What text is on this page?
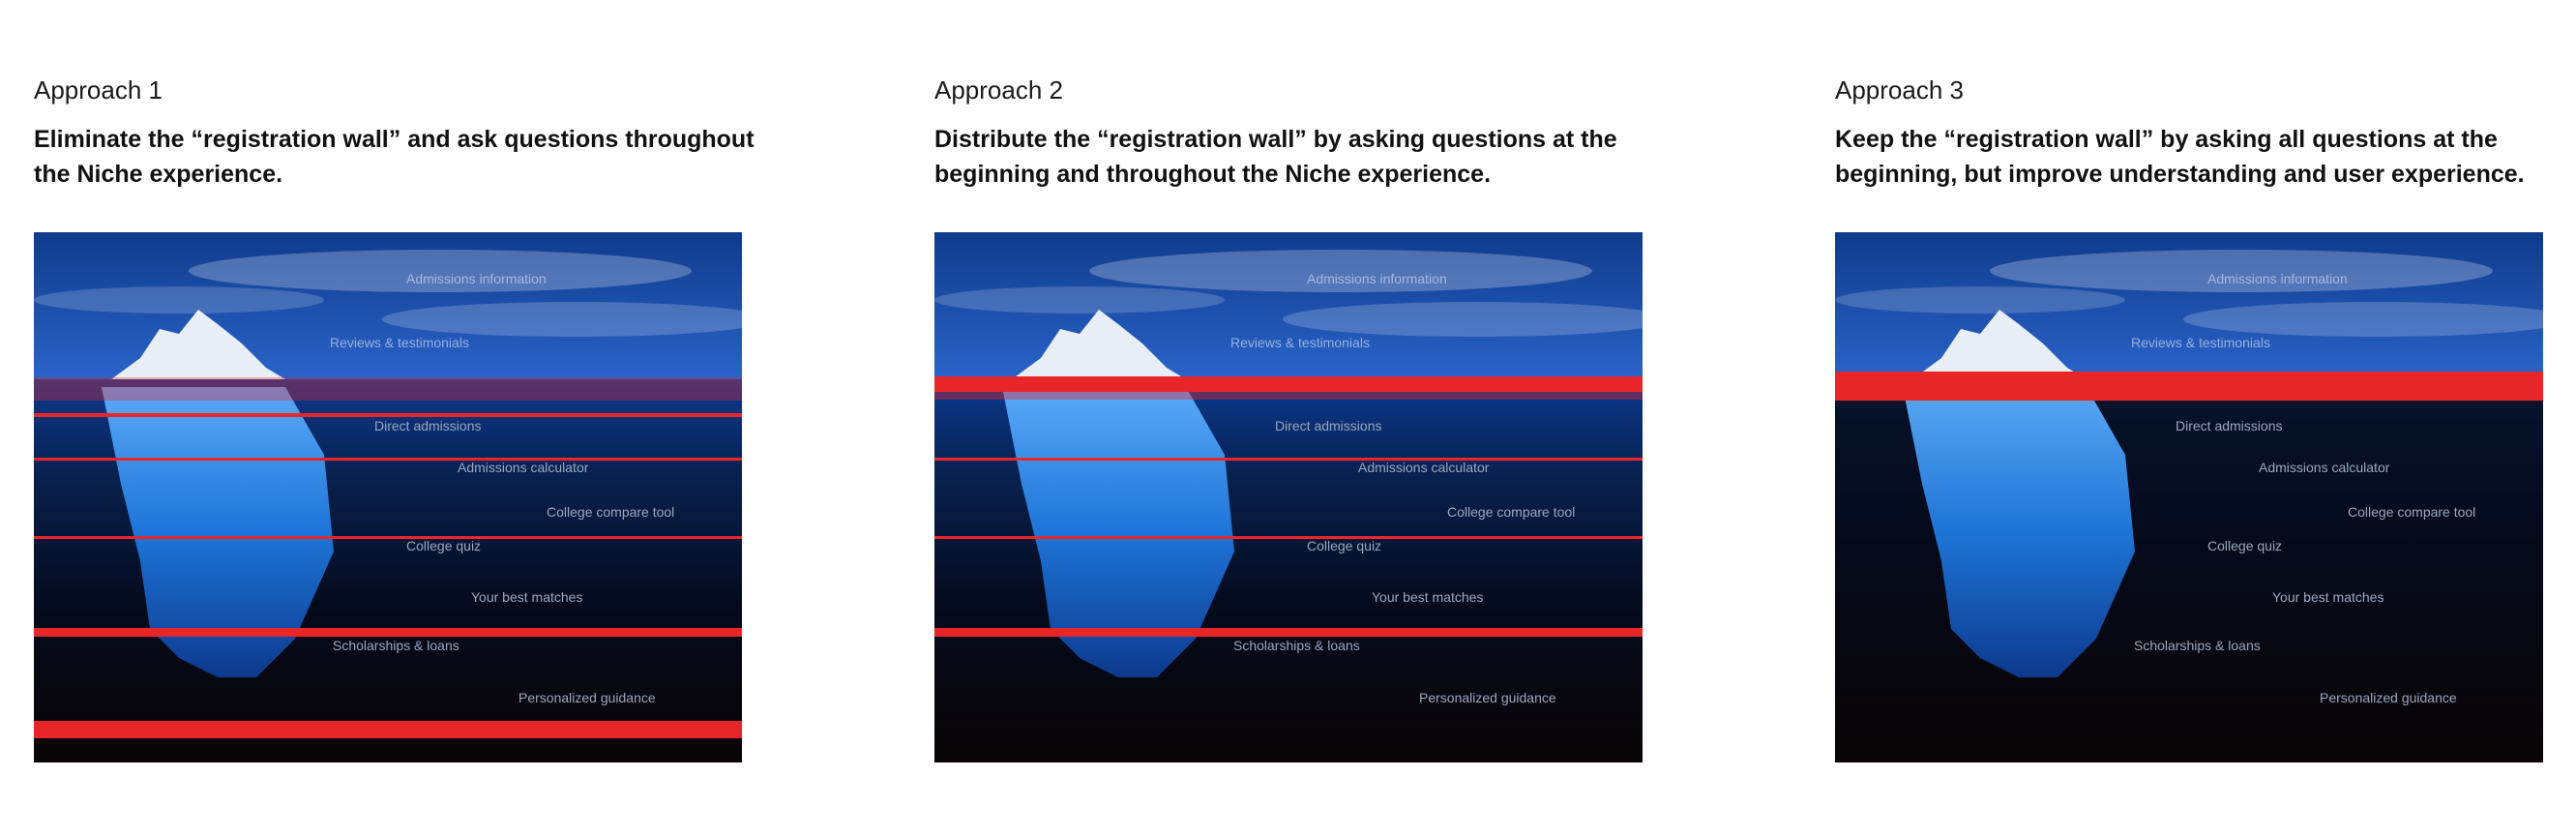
Approach 1
Eliminate the “registration wall” and ask questions throughout the Niche experience.
Admissions information
Reviews & testimonials
Direct admissions
Admissions calculator
College compare tool
College quiz
Your best matches
Scholarships & loans
Personalized guidance
Approach 2
Distribute the “registration wall” by asking questions at the beginning and throughout the Niche experience.
Admissions information
Reviews & testimonials
Direct admissions
Admissions calculator
College compare tool
College quiz
Your best matches
Scholarships & loans
Personalized guidance
Approach 3
Keep the “registration wall” by asking all questions at the beginning, but improve understanding and user experience.
Admissions information
Reviews & testimonials
Direct admissions
Admissions calculator
College compare tool
College quiz
Your best matches
Scholarships & loans
Personalized guidance
